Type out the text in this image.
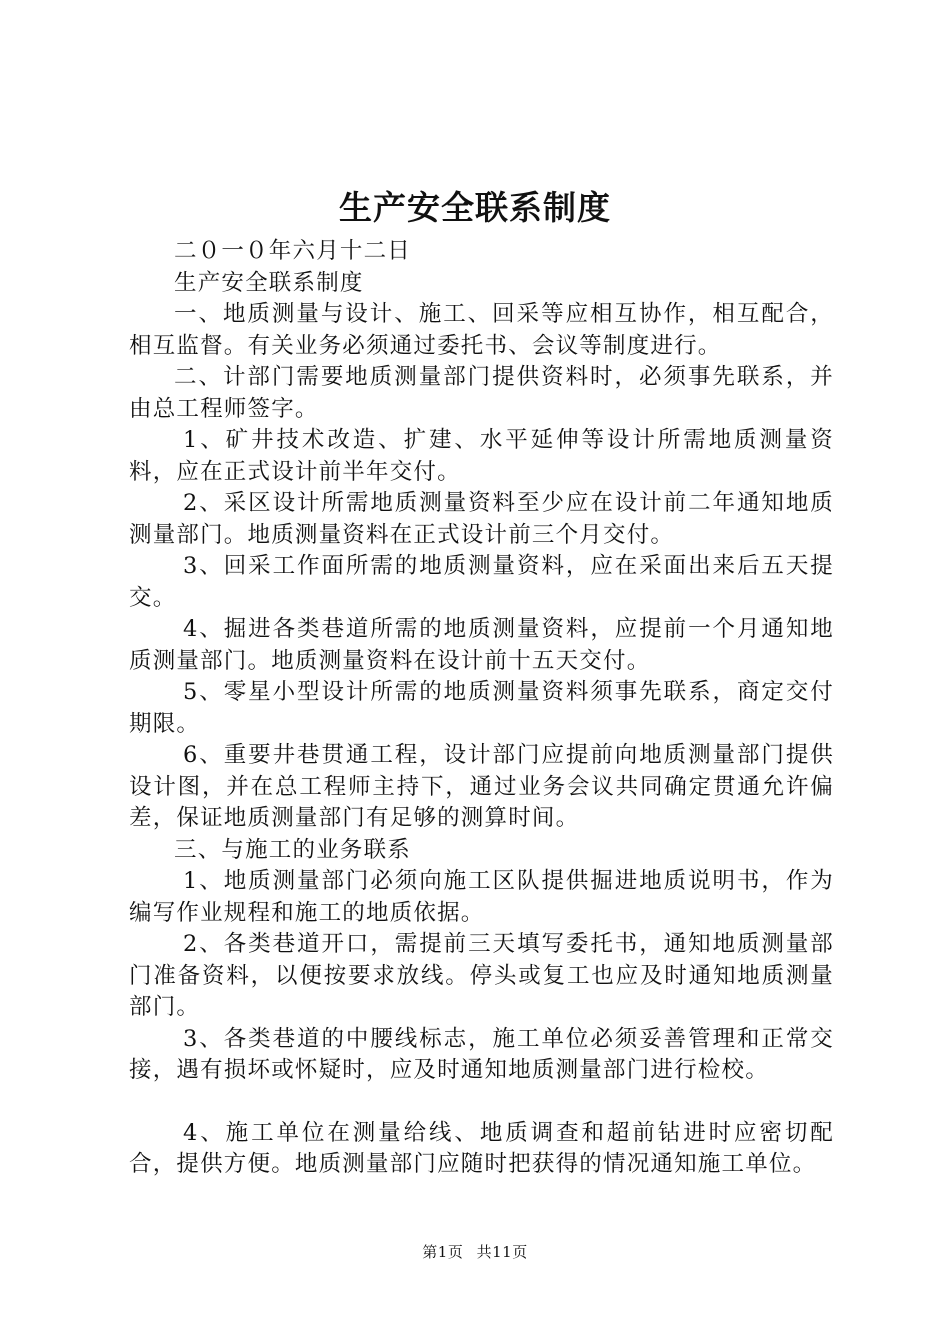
生产安全联系制度

二０一０年六月十二日

生产安全联系制度

一、地质测量与设计、施工、回采等应相互协作，相互配合，相互监督。有关业务必须通过委托书、会议等制度进行。

二、计部门需要地质测量部门提供资料时，必须事先联系，并由总工程师签字。

1、矿井技术改造、扩建、水平延伸等设计所需地质测量资料，应在正式设计前半年交付。

2、采区设计所需地质测量资料至少应在设计前二年通知地质测量部门。地质测量资料在正式设计前三个月交付。

3、回采工作面所需的地质测量资料，应在采面出来后五天提交。

4、掘进各类巷道所需的地质测量资料，应提前一个月通知地质测量部门。地质测量资料在设计前十五天交付。

5、零星小型设计所需的地质测量资料须事先联系，商定交付期限。

6、重要井巷贯通工程，设计部门应提前向地质测量部门提供设计图，并在总工程师主持下，通过业务会议共同确定贯通允许偏差，保证地质测量部门有足够的测算时间。

三、与施工的业务联系

1、地质测量部门必须向施工区队提供掘进地质说明书，作为编写作业规程和施工的地质依据。

2、各类巷道开口，需提前三天填写委托书，通知地质测量部门准备资料，以便按要求放线。停头或复工也应及时通知地质测量部门。

3、各类巷道的中腰线标志，施工单位必须妥善管理和正常交接，遇有损坏或怀疑时，应及时通知地质测量部门进行检校。

4、施工单位在测量给线、地质调查和超前钻进时应密切配合，提供方便。地质测量部门应随时把获得的情况通知施工单位。

第1页 共11页
